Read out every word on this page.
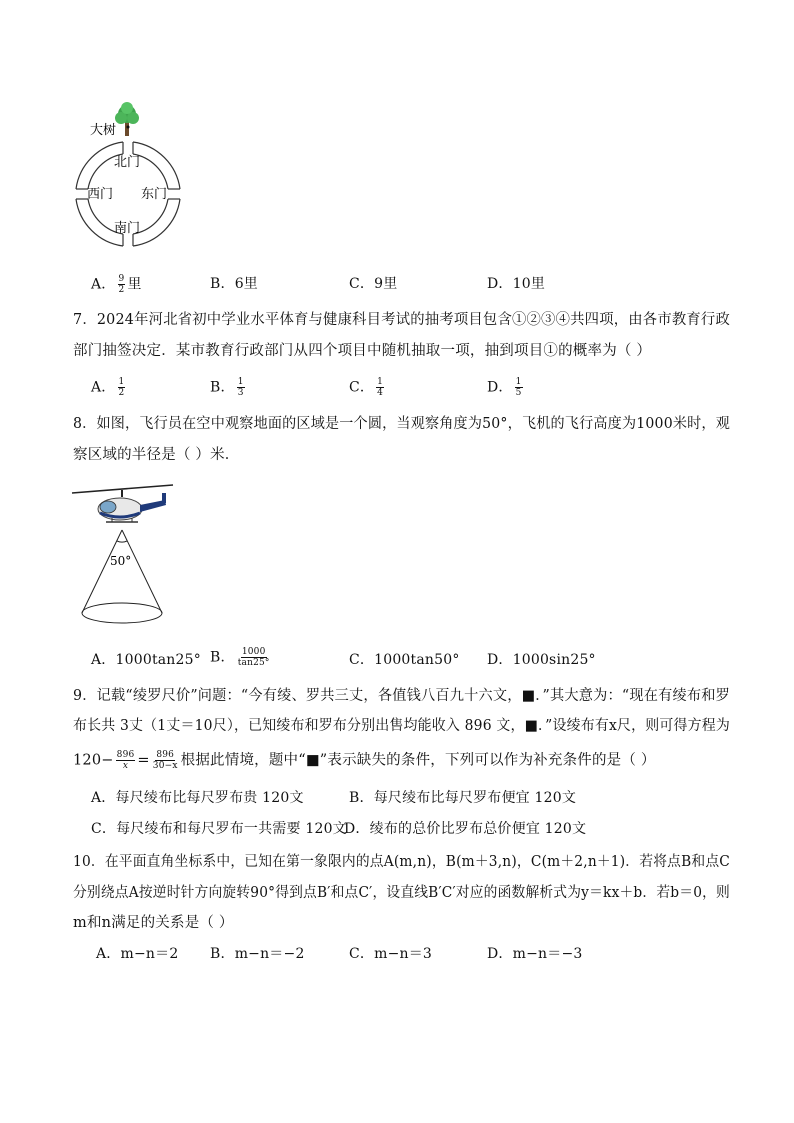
大树
北门
西门 东门
南门
A． $\frac{9}{2}$ 里	B．6里	C．9里	D．10里
7．2024年河北省初中学业水平体育与健康科目考试的抽考项目包含①②③④共四项，由各市教育行政
部门抽签决定．某市教育行政部门从四个项目中随机抽取一项，抽到项目①的概率为（ ）
A． $\frac{1}{2}$	B． $\frac{1}{3}$	C． $\frac{1}{4}$	D． $\frac{1}{5}$
8．如图，飞行员在空中观察地面的区域是一个圆，当观察角度为50°，飞机的飞行高度为1000米时，观
察区域的半径是（ ）米．
50°
A．1000tan25° B． $\frac{1000}{\tan 25^\circ}$	C．1000tan50° D．1000sin25°
9．记载“绫罗尺价”问题：“今有绫、罗共三丈，各值钱八百九十六文，■．”其大意为：“现在有绫布和罗
布长共 3丈（1丈＝10尺），已知绫布和罗布分别出售均能收入 896 文，■．”设绫布有x尺，则可得方程为
$120- \frac{896}{x} = \frac{896}{30-x}$ 根据此情境，题中“■”表示缺失的条件，下列可以作为补充条件的是（ ）
A．每尺绫布比每尺罗布贵 120文	B．每尺绫布比每尺罗布便宜 120文
C．每尺绫布和每尺罗布一共需要 120文
D．绫布的总价比罗布总价便宜 120文
10．在平面直角坐标系中，已知在第一象限内的点A(m,n)，B(m＋3,n)，C(m＋2,n＋1)．若将点B和点C
分别绕点A按逆时针方向旋转90°得到点B′和点C′，设直线B′C′对应的函数解析式为y＝kx＋b．若b＝0，则
m和n满足的关系是（ ）
A．m−n＝2 B．m−n＝−2	C．m−n＝3	D．m−n＝−3
